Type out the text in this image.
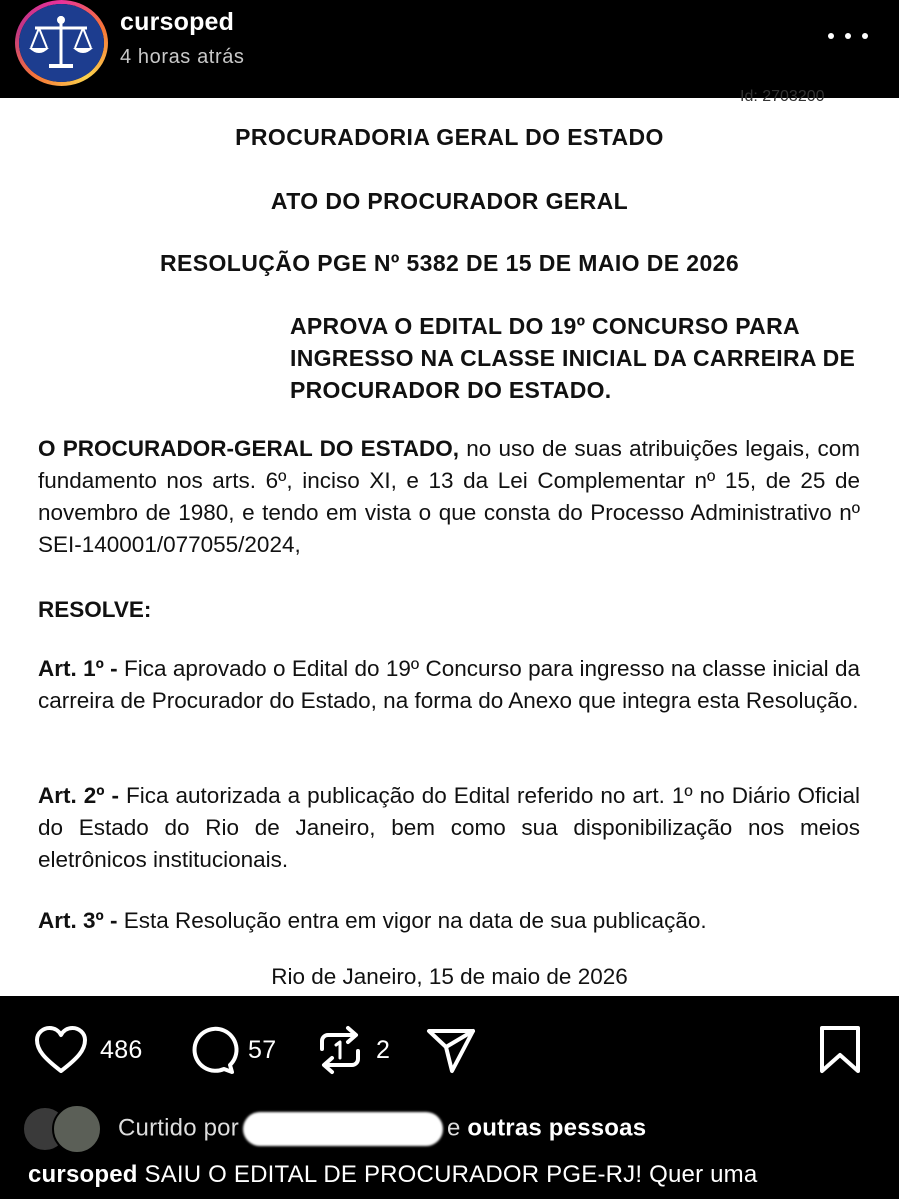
cursoped
4 horas atrás
Id: 2703200
PROCURADORIA GERAL DO ESTADO
ATO DO PROCURADOR GERAL
RESOLUÇÃO PGE Nº 5382 DE 15 DE MAIO DE 2026
APROVA O EDITAL DO 19º CONCURSO PARA INGRESSO NA CLASSE INICIAL DA CARREIRA DE PROCURADOR DO ESTADO.
O PROCURADOR-GERAL DO ESTADO, no uso de suas atribuições legais, com fundamento nos arts. 6º, inciso XI, e 13 da Lei Complementar nº 15, de 25 de novembro de 1980, e tendo em vista o que consta do Processo Administrativo nº SEI-140001/077055/2024,
RESOLVE:
Art. 1º - Fica aprovado o Edital do 19º Concurso para ingresso na classe inicial da carreira de Procurador do Estado, na forma do Anexo que integra esta Resolução.
Art. 2º - Fica autorizada a publicação do Edital referido no art. 1º no Diário Oficial do Estado do Rio de Janeiro, bem como sua disponibilização nos meios eletrônicos institucionais.
Art. 3º - Esta Resolução entra em vigor na data de sua publicação.
Rio de Janeiro, 15 de maio de 2026
486	57	2
Curtido por	e outras pessoas
cursoped SAIU O EDITAL DE PROCURADOR PGE-RJ! Quer uma
